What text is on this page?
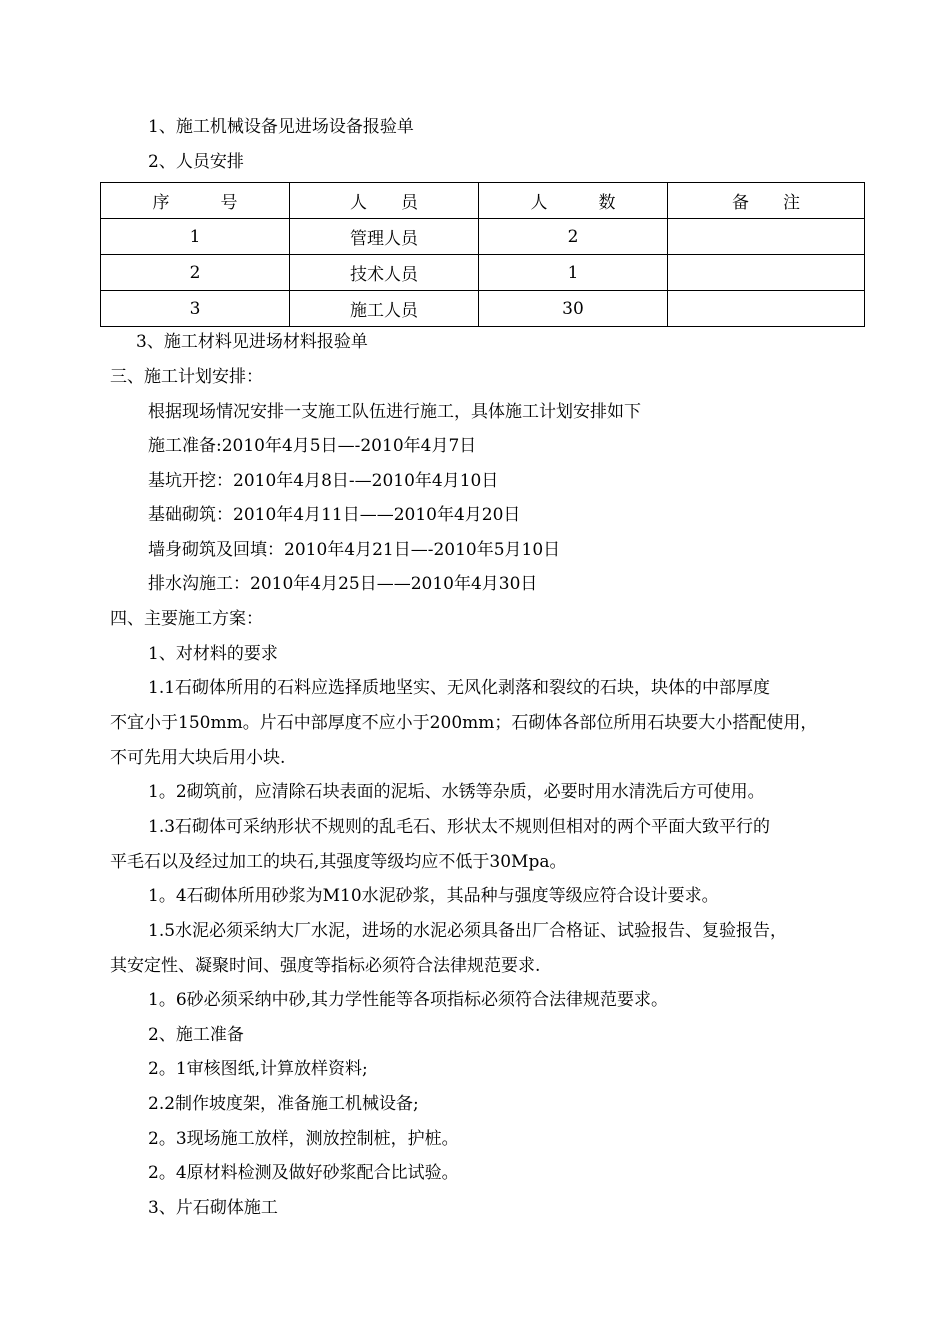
1、施工机械设备见进场设备报验单
2、人员安排
序　　　号	人　　员	人　　　数	备　　注
1	管理人员	2	
2	技术人员	1	
3	施工人员	30	
3、施工材料见进场材料报验单
三、施工计划安排：
根据现场情况安排一支施工队伍进行施工，具体施工计划安排如下
施工准备:2010年4月5日—-2010年4月7日
基坑开挖：2010年4月8日-—2010年4月10日
基础砌筑：2010年4月11日——2010年4月20日
墙身砌筑及回填：2010年4月21日—-2010年5月10日
排水沟施工：2010年4月25日——2010年4月30日
四、主要施工方案：
1、对材料的要求
1.1石砌体所用的石料应选择质地坚实、无风化剥落和裂纹的石块，块体的中部厚度
不宜小于150mm。片石中部厚度不应小于200mm；石砌体各部位所用石块要大小搭配使用，
不可先用大块后用小块.
1。2砌筑前，应清除石块表面的泥垢、水锈等杂质，必要时用水清洗后方可使用。
1.3石砌体可采纳形状不规则的乱毛石、形状太不规则但相对的两个平面大致平行的
平毛石以及经过加工的块石,其强度等级均应不低于30Mpa。
1。4石砌体所用砂浆为M10水泥砂浆，其品种与强度等级应符合设计要求。
1.5水泥必须采纳大厂水泥，进场的水泥必须具备出厂合格证、试验报告、复验报告，
其安定性、凝聚时间、强度等指标必须符合法律规范要求.
1。6砂必须采纳中砂,其力学性能等各项指标必须符合法律规范要求。
2、施工准备
2。1审核图纸,计算放样资料;
2.2制作坡度架，准备施工机械设备;
2。3现场施工放样，测放控制桩，护桩。
2。4原材料检测及做好砂浆配合比试验。
3、片石砌体施工
